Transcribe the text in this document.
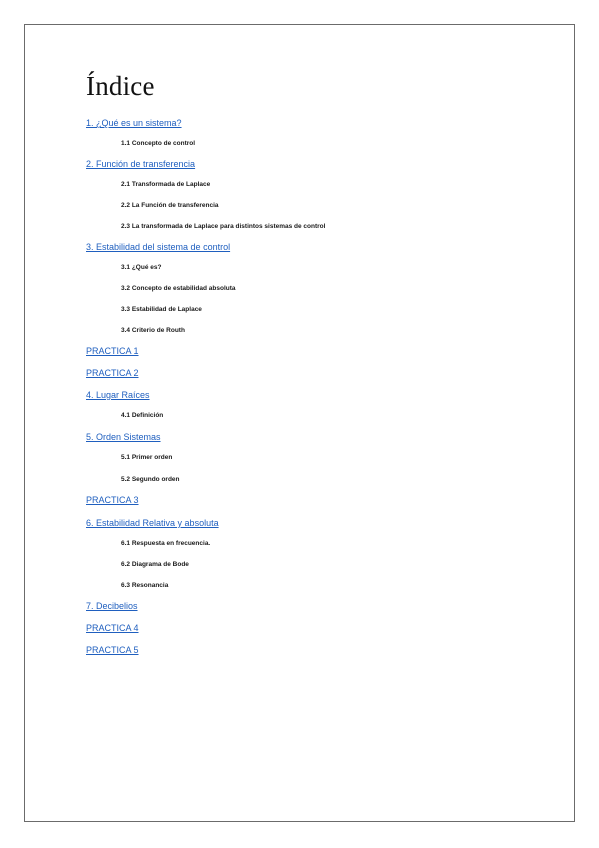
Índice
1. ¿Qué es un sistema?
1.1 Concepto de control
2. Función de transferencia
2.1 Transformada de Laplace
2.2 La Función de transferencia
2.3 La transformada de Laplace para distintos sistemas de control
3. Estabilidad del sistema de control
3.1 ¿Qué es?
3.2 Concepto de estabilidad absoluta
3.3 Estabilidad de Laplace
3.4 Criterio de Routh
PRACTICA 1
PRACTICA 2
4. Lugar Raíces
4.1 Definición
5. Orden Sistemas
5.1 Primer orden
5.2 Segundo orden
PRACTICA 3
6. Estabilidad Relativa y absoluta
6.1 Respuesta en frecuencia.
6.2 Diagrama de Bode
6.3 Resonancia
7. Decibelios
PRACTICA 4
PRACTICA 5
